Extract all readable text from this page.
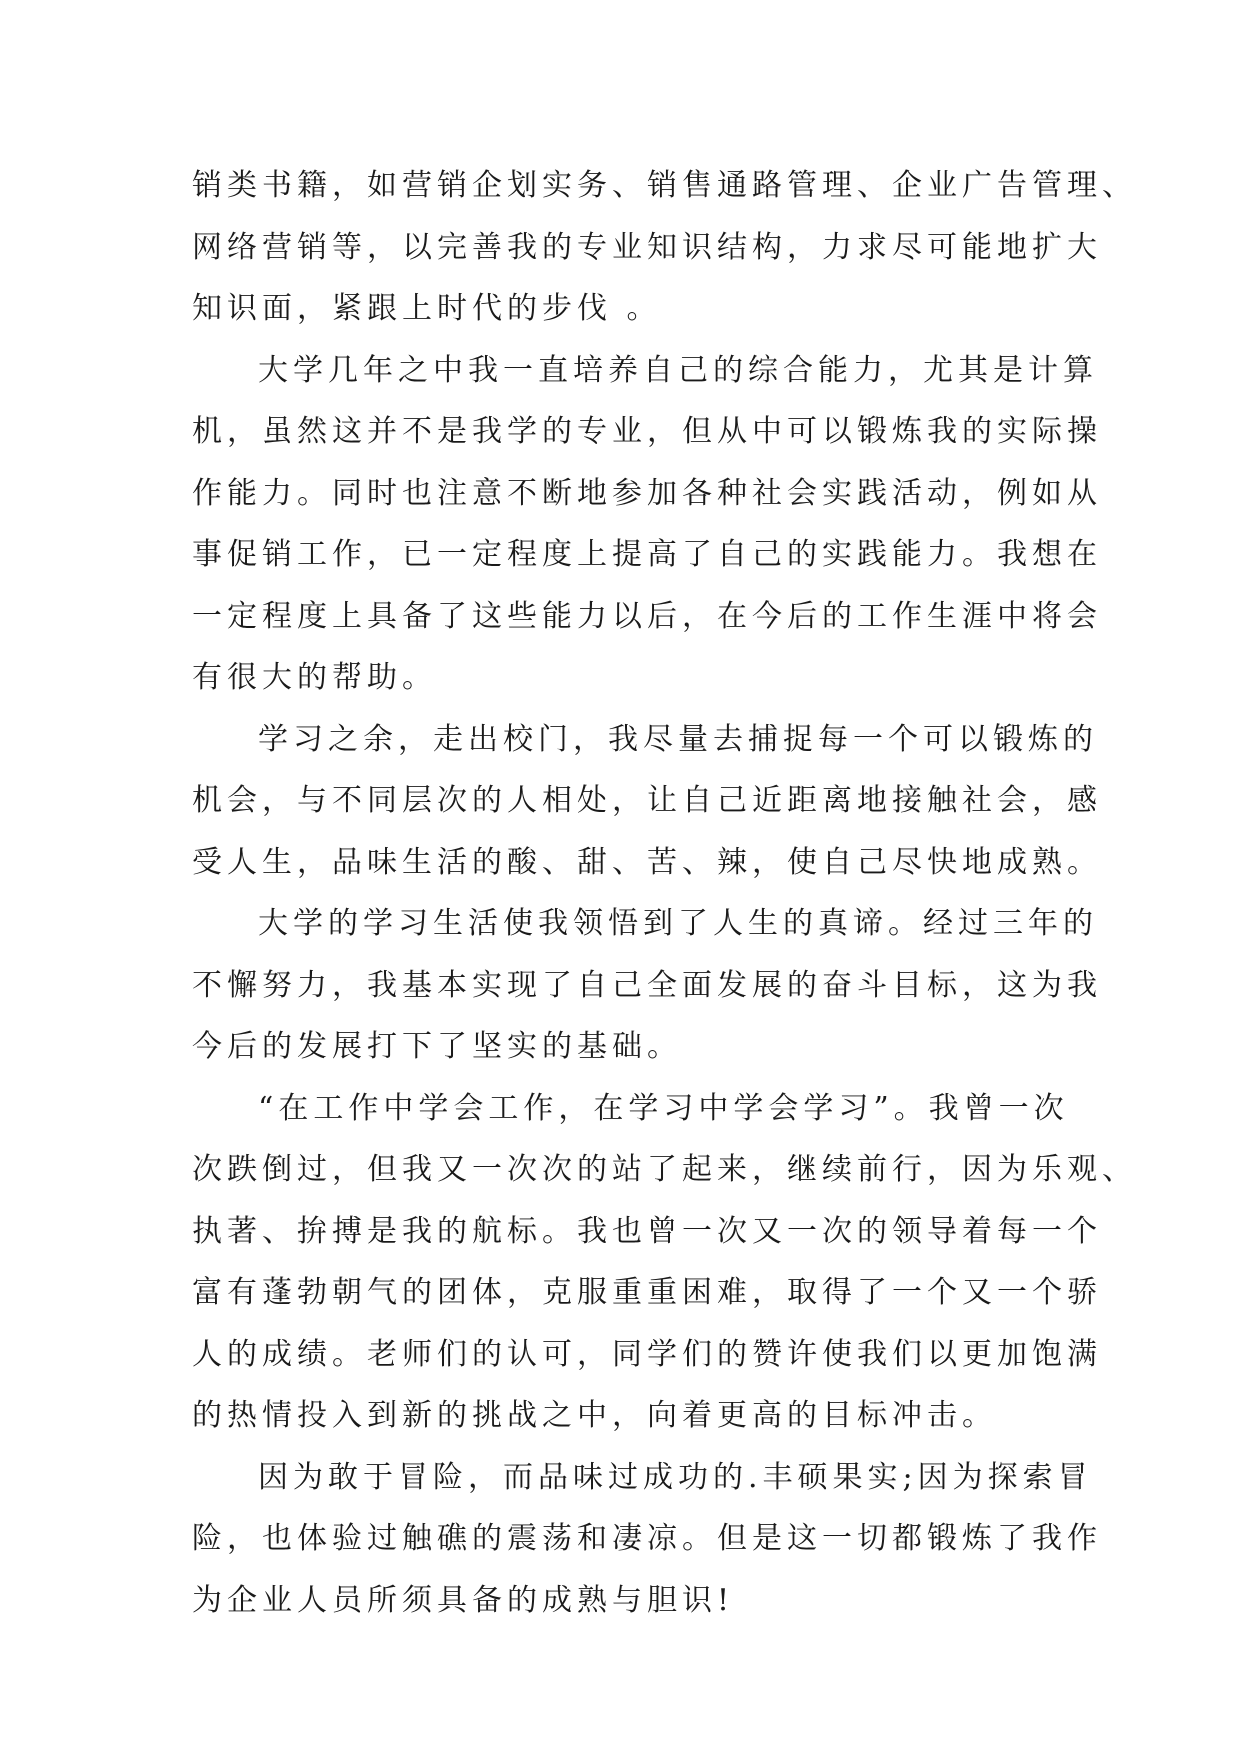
销类书籍，如营销企划实务、销售通路管理、企业广告管理、
网络营销等，以完善我的专业知识结构，力求尽可能地扩大
知识面，紧跟上时代的步伐 。
大学几年之中我一直培养自己的综合能力，尤其是计算
机，虽然这并不是我学的专业，但从中可以锻炼我的实际操
作能力。同时也注意不断地参加各种社会实践活动，例如从
事促销工作，已一定程度上提高了自己的实践能力。我想在
一定程度上具备了这些能力以后，在今后的工作生涯中将会
有很大的帮助。
学习之余，走出校门，我尽量去捕捉每一个可以锻炼的
机会，与不同层次的人相处，让自己近距离地接触社会，感
受人生，品味生活的酸、甜、苦、辣，使自己尽快地成熟。
大学的学习生活使我领悟到了人生的真谛。经过三年的
不懈努力，我基本实现了自己全面发展的奋斗目标，这为我
今后的发展打下了坚实的基础。
“在工作中学会工作，在学习中学会学习”。我曾一次
次跌倒过，但我又一次次的站了起来，继续前行，因为乐观、
执著、拚搏是我的航标。我也曾一次又一次的领导着每一个
富有蓬勃朝气的团体，克服重重困难，取得了一个又一个骄
人的成绩。老师们的认可，同学们的赞许使我们以更加饱满
的热情投入到新的挑战之中，向着更高的目标冲击。
因为敢于冒险，而品味过成功的.丰硕果实;因为探索冒
险，也体验过触礁的震荡和凄凉。但是这一切都锻炼了我作
为企业人员所须具备的成熟与胆识!
